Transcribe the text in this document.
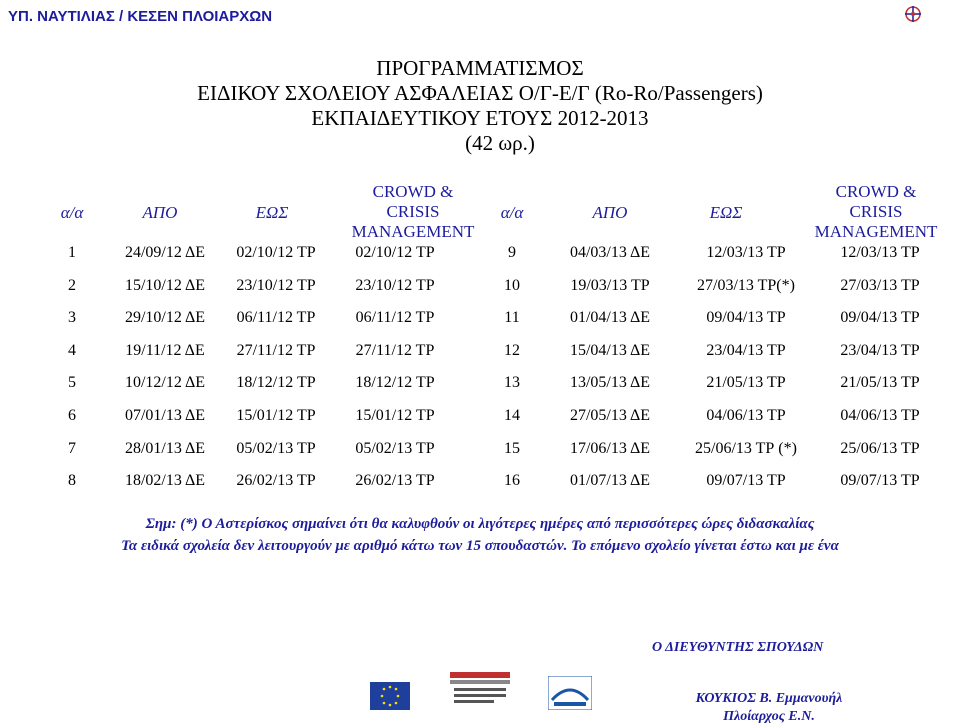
ΥΠ. ΝΑΥΤΙΛΙΑΣ / ΚΕΣΕΝ ΠΛΟΙΑΡΧΩΝ
ΠΡΟΓΡΑΜΜΑΤΙΣΜΟΣ
ΕΙΔΙΚΟΥ ΣΧΟΛΕΙΟΥ ΑΣΦΑΛΕΙΑΣ Ο/Γ-Ε/Γ (Ro-Ro/Passengers)
ΕΚΠΑΙΔΕΥΤΙΚΟΥ ΕΤΟΥΣ 2012-2013
(42 ωρ.)
α/α	ΑΠΟ	ΕΩΣ
CROWD &
CRISIS
MANAGEMENT
α/α	ΑΠΟ	ΕΩΣ
CROWD &
CRISIS
MANAGEMENT
1	24/09/12 ΔΕ	02/10/12 ΤΡ	02/10/12 ΤΡ
2	15/10/12 ΔΕ	23/10/12 ΤΡ	23/10/12 ΤΡ
3	29/10/12 ΔΕ	06/11/12 ΤΡ	06/11/12 ΤΡ
4	19/11/12 ΔΕ	27/11/12 ΤΡ	27/11/12 ΤΡ
5	10/12/12 ΔΕ	18/12/12 ΤΡ	18/12/12 ΤΡ
6	07/01/13 ΔΕ	15/01/12 ΤΡ	15/01/12 ΤΡ
7	28/01/13 ΔΕ	05/02/13 ΤΡ	05/02/13 ΤΡ
8	18/02/13 ΔΕ	26/02/13 ΤΡ	26/02/13 ΤΡ
9	04/03/13 ΔΕ	12/03/13 ΤΡ	12/03/13 ΤΡ
10	19/03/13 ΤΡ	27/03/13 ΤΡ(*)	27/03/13 ΤΡ
11	01/04/13 ΔΕ	09/04/13 ΤΡ	09/04/13 ΤΡ
12	15/04/13 ΔΕ	23/04/13 ΤΡ	23/04/13 ΤΡ
13	13/05/13 ΔΕ	21/05/13 ΤΡ	21/05/13 ΤΡ
14	27/05/13 ΔΕ	04/06/13 ΤΡ	04/06/13 ΤΡ
15	17/06/13 ΔΕ	25/06/13 ΤΡ (*)	25/06/13 ΤΡ
16	01/07/13 ΔΕ	09/07/13 ΤΡ	09/07/13 ΤΡ
Σημ: (*) Ο Αστερίσκος σημαίνει ότι θα καλυφθούν οι λιγότερες ημέρες από περισσότερες ώρες διδασκαλίας
Τα ειδικά σχολεία δεν λειτουργούν με αριθμό κάτω των 15 σπουδαστών. Το επόμενο σχολείο γίνεται έστω και με ένα
Ο ΔΙΕΥΘΥΝΤΗΣ ΣΠΟΥΔΩΝ
ΚΟΥΚΙΟΣ Β. Εμμανουήλ
Πλοίαρχος Ε.Ν.
